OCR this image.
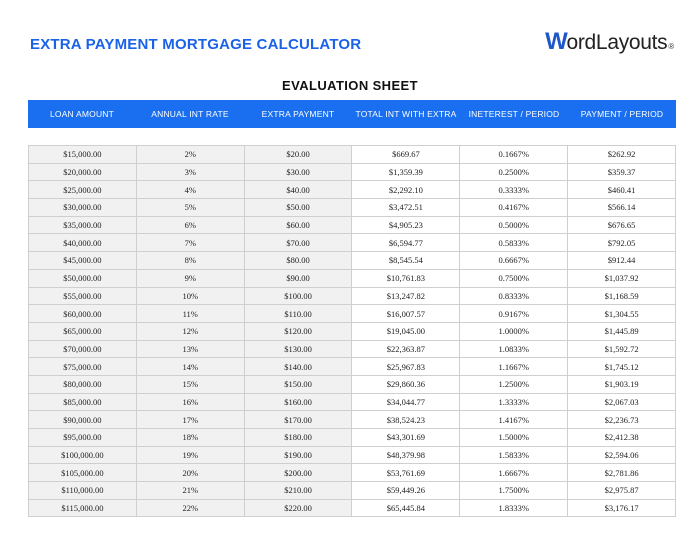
EXTRA PAYMENT MORTGAGE CALCULATOR	W ordLayouts ®
EVALUATION SHEET
LOAN AMOUNT	ANNUAL INT RATE	EXTRA PAYMENT	TOTAL INT WITH EXTRA	INETEREST / PERIOD	PAYMENT / PERIOD
$15,000.00	2%	$20.00	$669.67	0.1667%	$262.92
$20,000.00	3%	$30.00	$1,359.39	0.2500%	$359.37
$25,000.00	4%	$40.00	$2,292.10	0.3333%	$460.41
$30,000.00	5%	$50.00	$3,472.51	0.4167%	$566.14
$35,000.00	6%	$60.00	$4,905.23	0.5000%	$676.65
$40,000.00	7%	$70.00	$6,594.77	0.5833%	$792.05
$45,000.00	8%	$80.00	$8,545.54	0.6667%	$912.44
$50,000.00	9%	$90.00	$10,761.83	0.7500%	$1,037.92
$55,000.00	10%	$100.00	$13,247.82	0.8333%	$1,168.59
$60,000.00	11%	$110.00	$16,007.57	0.9167%	$1,304.55
$65,000.00	12%	$120.00	$19,045.00	1.0000%	$1,445.89
$70,000.00	13%	$130.00	$22,363.87	1.0833%	$1,592.72
$75,000.00	14%	$140.00	$25,967.83	1.1667%	$1,745.12
$80,000.00	15%	$150.00	$29,860.36	1.2500%	$1,903.19
$85,000.00	16%	$160.00	$34,044.77	1.3333%	$2,067.03
$90,000.00	17%	$170.00	$38,524.23	1.4167%	$2,236.73
$95,000.00	18%	$180.00	$43,301.69	1.5000%	$2,412.38
$100,000.00	19%	$190.00	$48,379.98	1.5833%	$2,594.06
$105,000.00	20%	$200.00	$53,761.69	1.6667%	$2,781.86
$110,000.00	21%	$210.00	$59,449.26	1.7500%	$2,975.87
$115,000.00	22%	$220.00	$65,445.84	1.8333%	$3,176.17
